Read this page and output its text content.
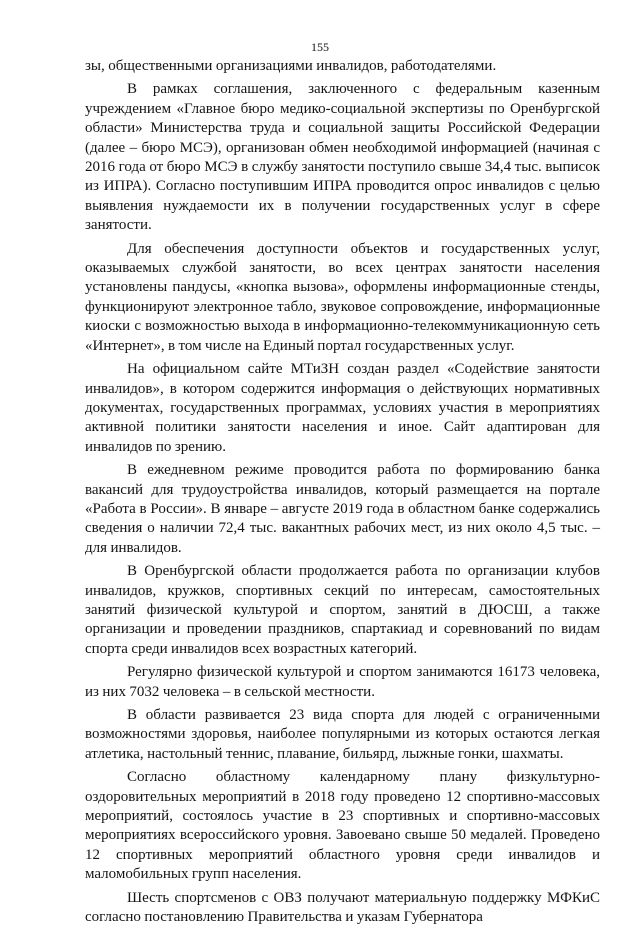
155

зы, общественными организациями инвалидов, работодателями.

В рамках соглашения, заключенного с федеральным казенным учреждением «Главное бюро медико-социальной экспертизы по Оренбургской области» Министерства труда и социальной защиты Российской Федерации (далее – бюро МСЭ), организован обмен необходимой информацией (начиная с 2016 года от бюро МСЭ в службу занятости поступило свыше 34,4 тыс. выписок из ИПРА). Согласно поступившим ИПРА проводится опрос инвалидов с целью выявления нуждаемости их в получении государственных услуг в сфере занятости.

Для обеспечения доступности объектов и государственных услуг, оказываемых службой занятости, во всех центрах занятости населения установлены пандусы, «кнопка вызова», оформлены информационные стенды, функционируют электронное табло, звуковое сопровождение, информационные киоски с возможностью выхода в информационно-телекоммуникационную сеть «Интернет», в том числе на Единый портал государственных услуг.

На официальном сайте МТиЗН создан раздел «Содействие занятости инвалидов», в котором содержится информация о действующих нормативных документах, государственных программах, условиях участия в мероприятиях активной политики занятости населения и иное. Сайт адаптирован для инвалидов по зрению.

В ежедневном режиме проводится работа по формированию банка вакансий для трудоустройства инвалидов, который размещается на портале «Работа в России». В январе – августе 2019 года в областном банке содержались сведения о наличии 72,4 тыс. вакантных рабочих мест, из них около 4,5 тыс. – для инвалидов.

В Оренбургской области продолжается работа по организации клубов инвалидов, кружков, спортивных секций по интересам, самостоятельных занятий физической культурой и спортом, занятий в ДЮСШ, а также организации и проведении праздников, спартакиад и соревнований по видам спорта среди инвалидов всех возрастных категорий.

Регулярно физической культурой и спортом занимаются 16173 человека, из них 7032 человека – в сельской местности.

В области развивается 23 вида спорта для людей с ограниченными возможностями здоровья, наиболее популярными из которых остаются легкая атлетика, настольный теннис, плавание, бильярд, лыжные гонки, шахматы.

Согласно областному календарному плану физкультурно-оздоровительных мероприятий в 2018 году проведено 12 спортивно-массовых мероприятий, состоялось участие в 23 спортивных и спортивно-массовых мероприятиях всероссийского уровня. Завоевано свыше 50 медалей. Проведено 12 спортивных мероприятий областного уровня среди инвалидов и маломобильных групп населения.

Шесть спортсменов с ОВЗ получают материальную поддержку МФКиС согласно постановлению Правительства и указам Губернатора
